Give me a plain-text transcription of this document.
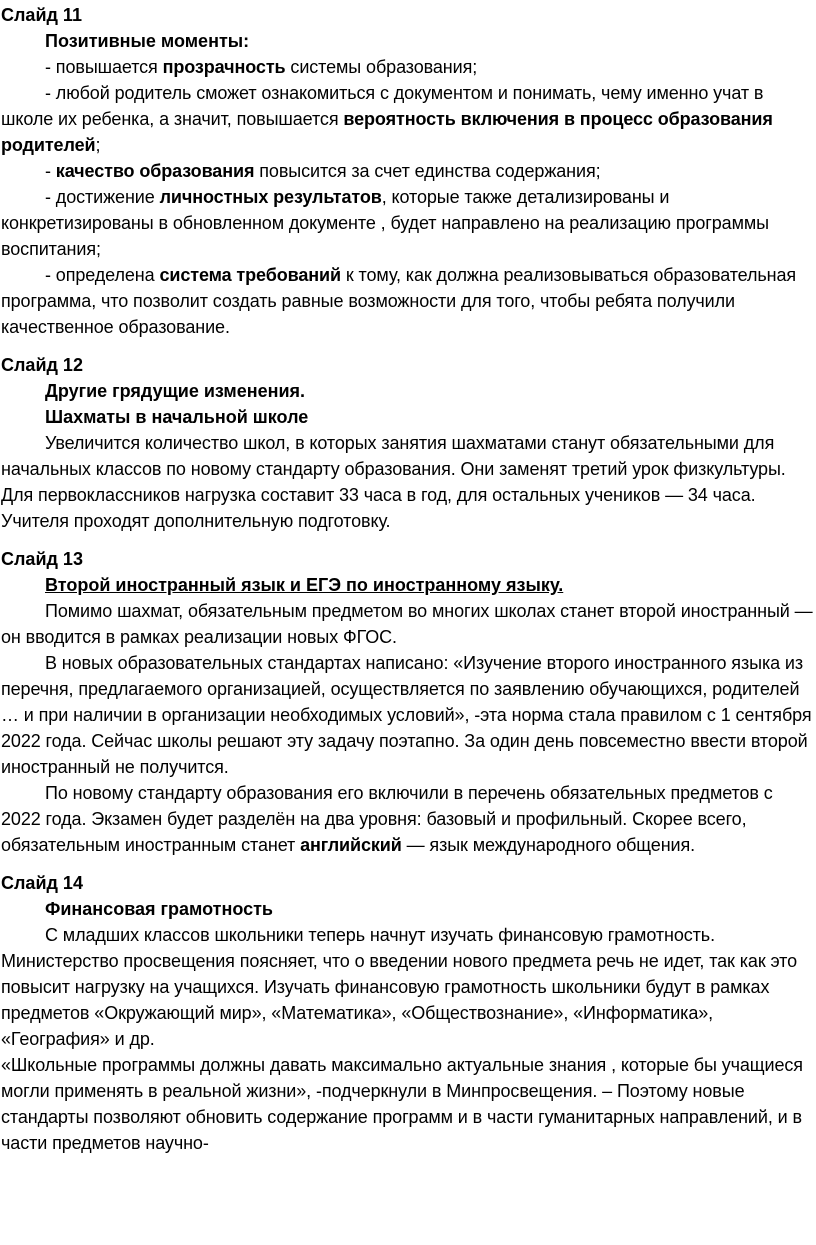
Слайд 11
Позитивные моменты:

- повышается прозрачность системы образования;

- любой родитель сможет ознакомиться с документом и понимать, чему именно учат в школе их ребенка, а значит, повышается вероятность включения в процесс образования родителей;

- качество образования повысится за счет единства содержания;

- достижение личностных результатов, которые также детализированы и конкретизированы в обновленном документе , будет направлено на реализацию программы воспитания;

- определена система требований к тому, как должна реализовываться образовательная программа, что позволит создать равные возможности для того, чтобы ребята получили качественное образование.

Слайд 12
Другие грядущие изменения.
Шахматы в начальной школе

Увеличится количество школ, в которых занятия шахматами станут обязательными для начальных классов по новому стандарту образования. Они заменят третий урок физкультуры. Для первоклассников нагрузка составит 33 часа в год, для остальных учеников — 34 часа. Учителя проходят дополнительную подготовку.

Слайд 13
Второй иностранный язык и ЕГЭ по иностранному языку.

Помимо шахмат, обязательным предметом во многих школах станет второй иностранный — он вводится в рамках реализации новых ФГОС.

В новых образовательных стандартах написано: «Изучение второго иностранного языка из перечня, предлагаемого организацией, осуществляется по заявлению обучающихся, родителей … и при наличии в организации необходимых условий», -эта норма стала правилом с 1 сентября 2022 года. Сейчас школы решают эту задачу поэтапно. За один день повсеместно ввести второй иностранный не получится.

По новому стандарту образования его включили в перечень обязательных предметов с 2022 года. Экзамен будет разделён на два уровня: базовый и профильный. Скорее всего, обязательным иностранным станет английский — язык международного общения.

Слайд 14
Финансовая грамотность

С младших классов школьники теперь начнут изучать финансовую грамотность. Министерство просвещения поясняет, что о введении нового предмета речь не идет, так как это повысит нагрузку на учащихся. Изучать финансовую грамотность школьники будут в рамках предметов «Окружающий мир», «Математика», «Обществознание», «Информатика», «География» и др.

«Школьные программы должны давать максимально актуальные знания , которые бы учащиеся могли применять в реальной жизни», -подчеркнули в Минпросвещения. – Поэтому новые стандарты позволяют обновить содержание программ и в части гуманитарных направлений, и в части предметов научно-
